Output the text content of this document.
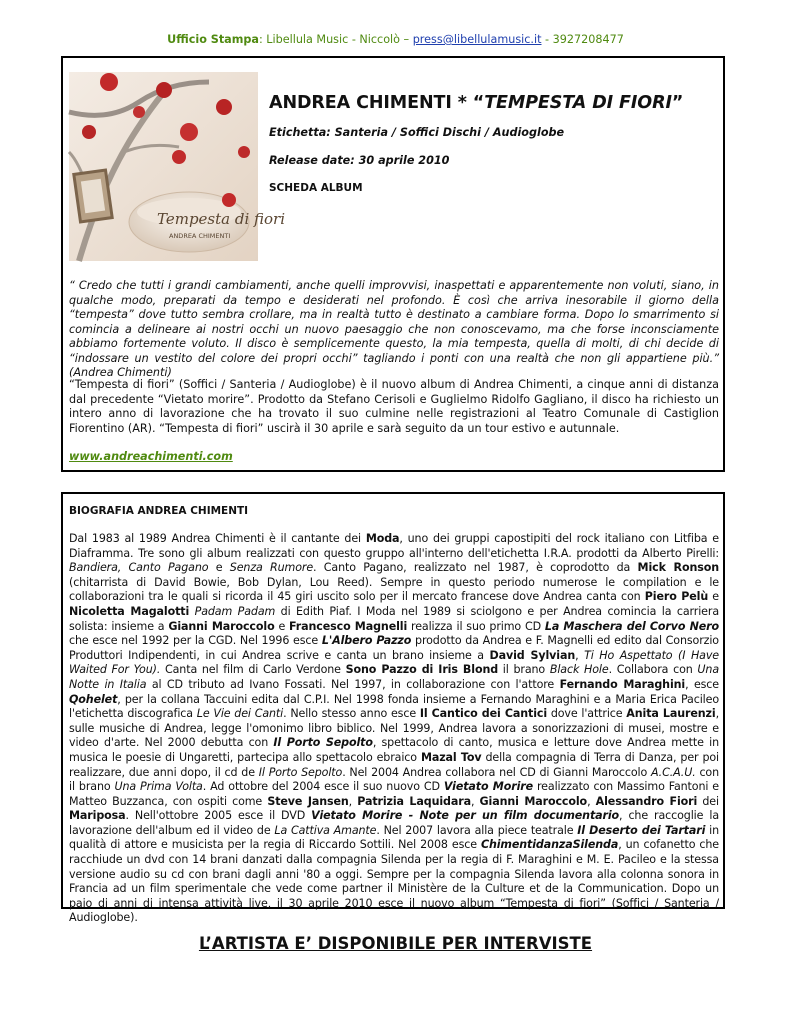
Ufficio Stampa: Libellula Music - Niccolò – press@libellulamusic.it - 3927208477
Tempesta di fiori
ANDREA CHIMENTI
ANDREA CHIMENTI * “TEMPESTA DI FIORI”
Etichetta: Santeria / Soffici Dischi / Audioglobe
Release date: 30 aprile 2010
SCHEDA ALBUM
“ Credo che tutti i grandi cambiamenti, anche quelli improvvisi, inaspettati e apparentemente non voluti, siano, in qualche modo, preparati da tempo e desiderati nel profondo. È così che arriva inesorabile il giorno della “tempesta” dove tutto sembra crollare, ma in realtà tutto è destinato a cambiare forma. Dopo lo smarrimento si comincia a delineare ai nostri occhi un nuovo paesaggio che non conoscevamo, ma che forse inconsciamente abbiamo fortemente voluto. Il disco è semplicemente questo, la mia tempesta, quella di molti, di chi decide di “indossare un vestito del colore dei propri occhi” tagliando i ponti con una realtà che non gli appartiene più.” (Andrea Chimenti)
“Tempesta di fiori” (Soffici / Santeria / Audioglobe) è il nuovo album di Andrea Chimenti, a cinque anni di distanza dal precedente “Vietato morire”. Prodotto da Stefano Cerisoli e Guglielmo Ridolfo Gagliano, il disco ha richiesto un intero anno di lavorazione che ha trovato il suo culmine nelle registrazioni al Teatro Comunale di Castiglion Fiorentino (AR). “Tempesta di fiori” uscirà il 30 aprile e sarà seguito da un tour estivo e autunnale.
www.andreachimenti.com
BIOGRAFIA ANDREA CHIMENTI
Dal 1983 al 1989 Andrea Chimenti è il cantante dei Moda, uno dei gruppi capostipiti del rock italiano con Litfiba e Diaframma. Tre sono gli album realizzati con questo gruppo all'interno dell'etichetta I.R.A. prodotti da Alberto Pirelli: Bandiera, Canto Pagano e Senza Rumore. Canto Pagano, realizzato nel 1987, è coprodotto da Mick Ronson (chitarrista di David Bowie, Bob Dylan, Lou Reed). Sempre in questo periodo numerose le compilation e le collaborazioni tra le quali si ricorda il 45 giri uscito solo per il mercato francese dove Andrea canta con Piero Pelù e Nicoletta Magalotti Padam Padam di Edith Piaf. I Moda nel 1989 si sciolgono e per Andrea comincia la carriera solista: insieme a Gianni Maroccolo e Francesco Magnelli realizza il suo primo CD La Maschera del Corvo Nero che esce nel 1992 per la CGD. Nel 1996 esce L'Albero Pazzo prodotto da Andrea e F. Magnelli ed edito dal Consorzio Produttori Indipendenti, in cui Andrea scrive e canta un brano insieme a David Sylvian, Ti Ho Aspettato (I Have Waited For You). Canta nel film di Carlo Verdone Sono Pazzo di Iris Blond il brano Black Hole. Collabora con Una Notte in Italia al CD tributo ad Ivano Fossati. Nel 1997, in collaborazione con l'attore Fernando Maraghini, esce Qohelet, per la collana Taccuini edita dal C.P.I. Nel 1998 fonda insieme a Fernando Maraghini e a Maria Erica Pacileo l'etichetta discografica Le Vie dei Canti. Nello stesso anno esce Il Cantico dei Cantici dove l'attrice Anita Laurenzi, sulle musiche di Andrea, legge l'omonimo libro biblico. Nel 1999, Andrea lavora a sonorizzazioni di musei, mostre e video d'arte. Nel 2000 debutta con Il Porto Sepolto, spettacolo di canto, musica e letture dove Andrea mette in musica le poesie di Ungaretti, partecipa allo spettacolo ebraico Mazal Tov della compagnia di Terra di Danza, per poi realizzare, due anni dopo, il cd de Il Porto Sepolto. Nel 2004 Andrea collabora nel CD di Gianni Maroccolo A.C.A.U. con il brano Una Prima Volta. Ad ottobre del 2004 esce il suo nuovo CD Vietato Morire realizzato con Massimo Fantoni e Matteo Buzzanca, con ospiti come Steve Jansen, Patrizia Laquidara, Gianni Maroccolo, Alessandro Fiori dei Mariposa. Nell'ottobre 2005 esce il DVD Vietato Morire - Note per un film documentario, che raccoglie la lavorazione dell'album ed il video de La Cattiva Amante. Nel 2007 lavora alla piece teatrale Il Deserto dei Tartari in qualità di attore e musicista per la regia di Riccardo Sottili. Nel 2008 esce ChimentidanzaSilenda, un cofanetto che racchiude un dvd con 14 brani danzati dalla compagnia Silenda per la regia di F. Maraghini e M. E. Pacileo e la stessa versione audio su cd con brani dagli anni '80 a oggi. Sempre per la compagnia Silenda lavora alla colonna sonora in Francia ad un film sperimentale che vede come partner il Ministère de la Culture et de la Communication. Dopo un paio di anni di intensa attività live, il 30 aprile 2010 esce il nuovo album “Tempesta di fiori” (Soffici / Santeria / Audioglobe).
L’ARTISTA E’ DISPONIBILE PER INTERVISTE
